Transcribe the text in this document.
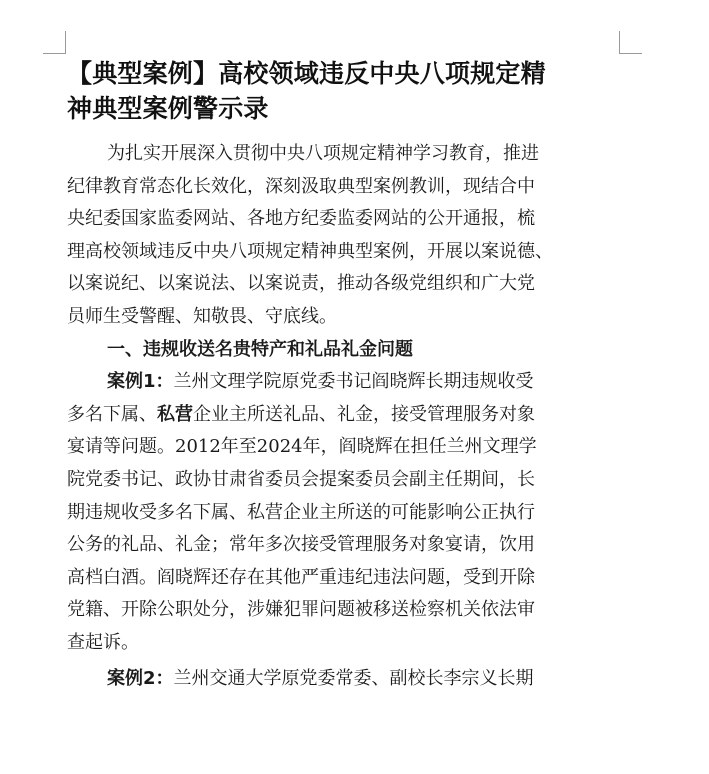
【典型案例】高校领域违反中央八项规定精
神典型案例警示录
为扎实开展深入贯彻中央八项规定精神学习教育，推进
纪律教育常态化长效化，深刻汲取典型案例教训，现结合中
央纪委国家监委网站、各地方纪委监委网站的公开通报，梳
理高校领域违反中央八项规定精神典型案例，开展以案说德、
以案说纪、以案说法、以案说责，推动各级党组织和广大党
员师生受警醒、知敬畏、守底线。
一、违规收送名贵特产和礼品礼金问题
案例1：兰州文理学院原党委书记阎晓辉长期违规收受
多名下属、私营企业主所送礼品、礼金，接受管理服务对象
宴请等问题。2012年至2024年，阎晓辉在担任兰州文理学
院党委书记、政协甘肃省委员会提案委员会副主任期间，长
期违规收受多名下属、私营企业主所送的可能影响公正执行
公务的礼品、礼金；常年多次接受管理服务对象宴请，饮用
高档白酒。阎晓辉还存在其他严重违纪违法问题，受到开除
党籍、开除公职处分，涉嫌犯罪问题被移送检察机关依法审
查起诉。
案例2：兰州交通大学原党委常委、副校长李宗义长期
